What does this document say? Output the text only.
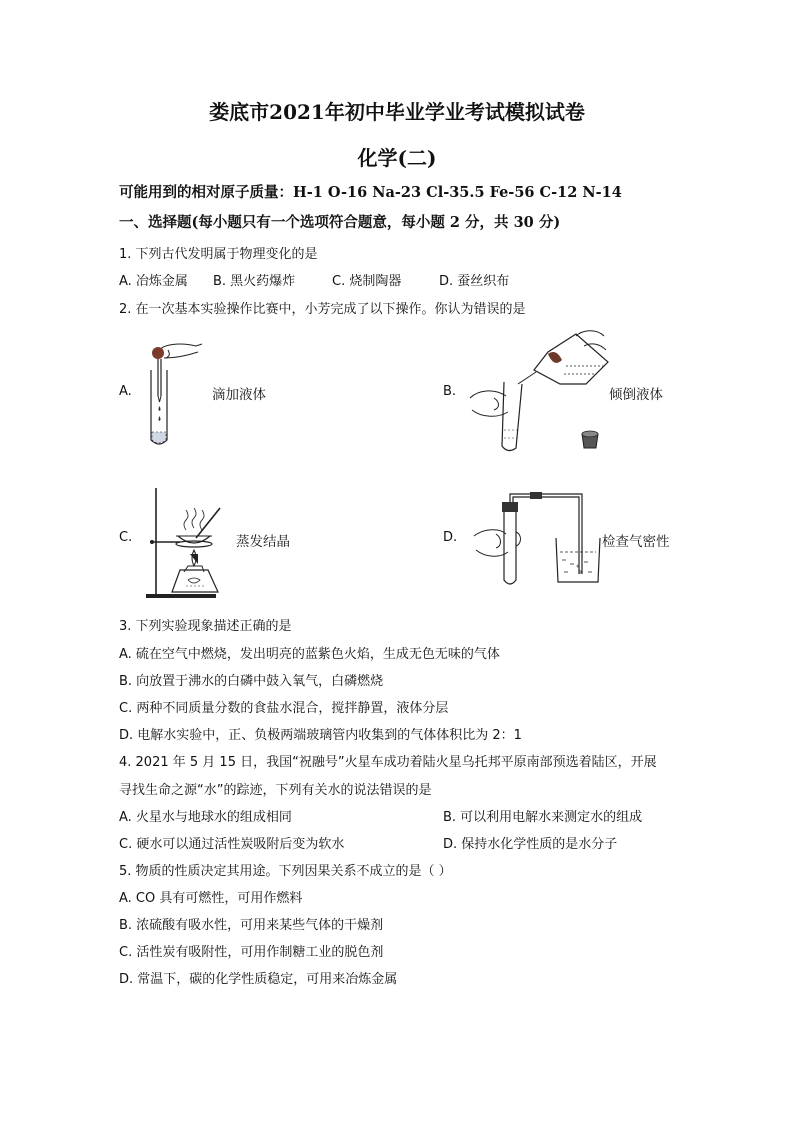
娄底市2021年初中毕业学业考试模拟试卷
化学(二)
可能用到的相对原子质量：H-1 O-16 Na-23 Cl-35.5 Fe-56 C-12 N-14
一、选择题(每小题只有一个选项符合题意，每小题 2 分，共 30 分)
1. 下列古代发明属于物理变化的是
A. 冶炼金属 B. 黑火药爆炸	C. 烧制陶器	D. 蚕丝织布
2. 在一次基本实验操作比赛中，小芳完成了以下操作。你认为错误的是
A.	滴加液体	B.	倾倒液体
C.	蒸发结晶	D.	检查气密性
3. 下列实验现象描述正确的是
A. 硫在空气中燃烧，发出明亮的蓝紫色火焰，生成无色无味的气体
B. 向放置于沸水的白磷中鼓入氧气，白磷燃烧
C. 两种不同质量分数的食盐水混合，搅拌静置，液体分层
D. 电解水实验中，正、负极两端玻璃管内收集到的气体体积比为 2：1
4. 2021 年 5 月 15 日，我国“祝融号”火星车成功着陆火星乌托邦平原南部预选着陆区，开展
寻找生命之源“水”的踪迹，下列有关水的说法错误的是
A. 火星水与地球水的组成相同	B. 可以利用电解水来测定水的组成
C. 硬水可以通过活性炭吸附后变为软水	D. 保持水化学性质的是水分子
5. 物质的性质决定其用途。下列因果关系不成立的是（ ）
A. CO 具有可燃性，可用作燃料
B. 浓硫酸有吸水性，可用来某些气体的干燥剂
C. 活性炭有吸附性，可用作制糖工业的脱色剂
D. 常温下，碳的化学性质稳定，可用来冶炼金属
